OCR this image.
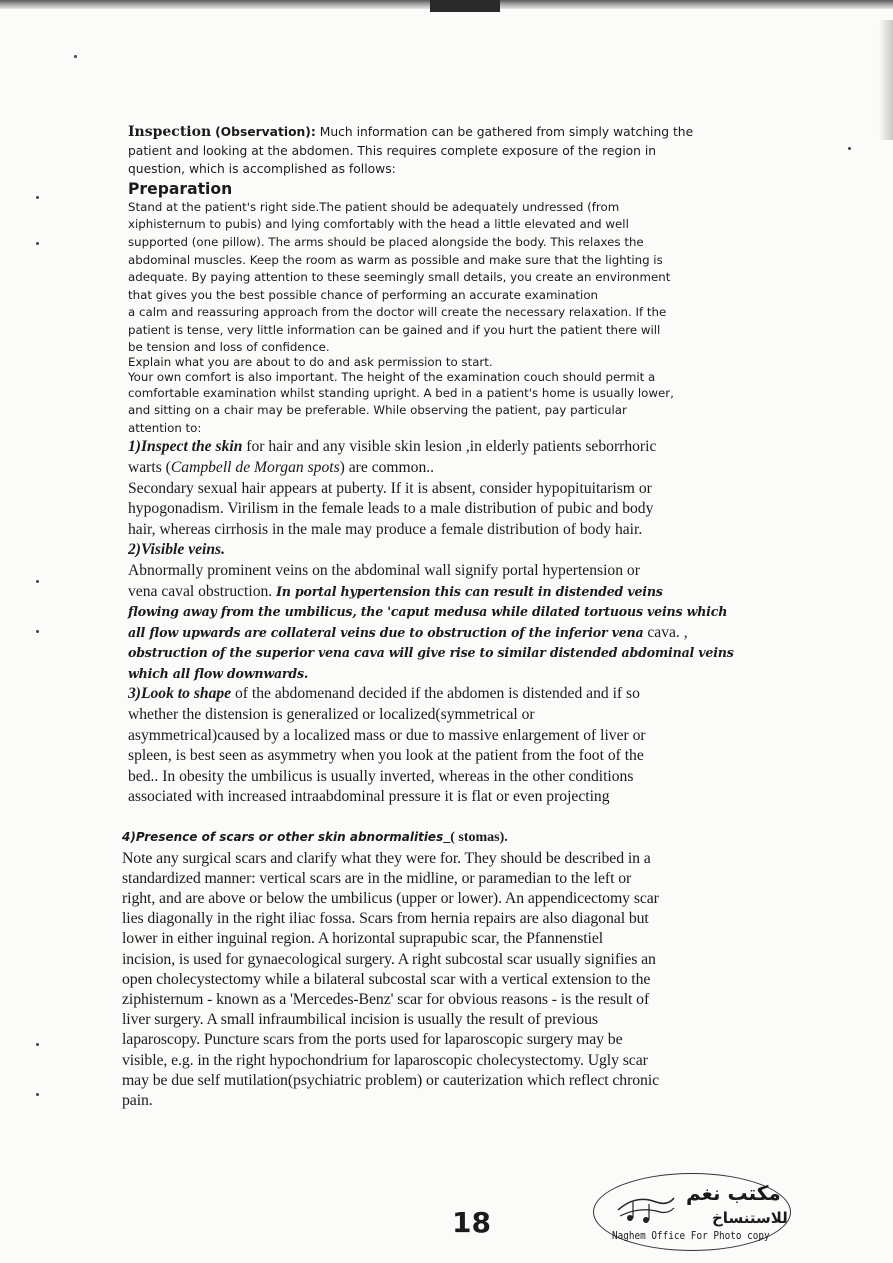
Inspection (Observation): Much information can be gathered from simply watching the

patient and looking at the abdomen. This requires complete exposure of the region in

question, which is accomplished as follows:

Preparation

Stand at the patient's right side.The patient should be adequately undressed (from

xiphisternum to pubis) and lying comfortably with the head a little elevated and well

supported (one pillow). The arms should be placed alongside the body. This relaxes the

abdominal muscles. Keep the room as warm as possible and make sure that the lighting is

adequate. By paying attention to these seemingly small details, you create an environment

that gives you the best possible chance of performing an accurate examination

a calm and reassuring approach from the doctor will create the necessary relaxation. If the

patient is tense, very little information can be gained and if you hurt the patient there will

be tension and loss of confidence.

Explain what you are about to do and ask permission to start.

Your own comfort is also important. The height of the examination couch should permit a

comfortable examination whilst standing upright. A bed in a patient's home is usually lower,

and sitting on a chair may be preferable. While observing the patient, pay particular

attention to:

1)Inspect the skin for hair and any visible skin lesion ,in elderly patients seborrhoric

warts (Campbell de Morgan spots) are common..

Secondary sexual hair appears at puberty. If it is absent, consider hypopituitarism or

hypogonadism. Virilism in the female leads to a male distribution of pubic and body

hair, whereas cirrhosis in the male may produce a female distribution of body hair.

2)Visible veins.

Abnormally prominent veins on the abdominal wall signify portal hypertension or

vena caval obstruction. In portal hypertension this can result in distended veins

flowing away from the umbilicus, the 'caput medusa while dilated tortuous veins which

all flow upwards are collateral veins due to obstruction of the inferior vena cava. ,

obstruction of the superior vena cava will give rise to similar distended abdominal veins

which all flow downwards.

3)Look to shape of the abdomenand decided if the abdomen is distended and if so

whether the distension is generalized or localized(symmetrical or

asymmetrical)caused by a localized mass or due to massive enlargement of liver or

spleen, is best seen as asymmetry when you look at the patient from the foot of the

bed.. In obesity the umbilicus is usually inverted, whereas in the other conditions

associated with increased intraabdominal pressure it is flat or even projecting

4)Presence of scars or other skin abnormalities_( stomas).

Note any surgical scars and clarify what they were for. They should be described in a

standardized manner: vertical scars are in the midline, or paramedian to the left or

right, and are above or below the umbilicus (upper or lower). An appendicectomy scar

lies diagonally in the right iliac fossa. Scars from hernia repairs are also diagonal but

lower in either inguinal region. A horizontal suprapubic scar, the Pfannenstiel

incision, is used for gynaecological surgery. A right subcostal scar usually signifies an

open cholecystectomy while a bilateral subcostal scar with a vertical extension to the

ziphisternum - known as a 'Mercedes-Benz' scar for obvious reasons - is the result of

liver surgery. A small infraumbilical incision is usually the result of previous

laparoscopy. Puncture scars from the ports used for laparoscopic surgery may be

visible, e.g. in the right hypochondrium for laparoscopic cholecystectomy. Ugly scar

may be due self mutilation(psychiatric problem) or cauterization which reflect chronic

pain.

18
مكتب نغم
للاستنساخ
Naghem Office For Photo copy
